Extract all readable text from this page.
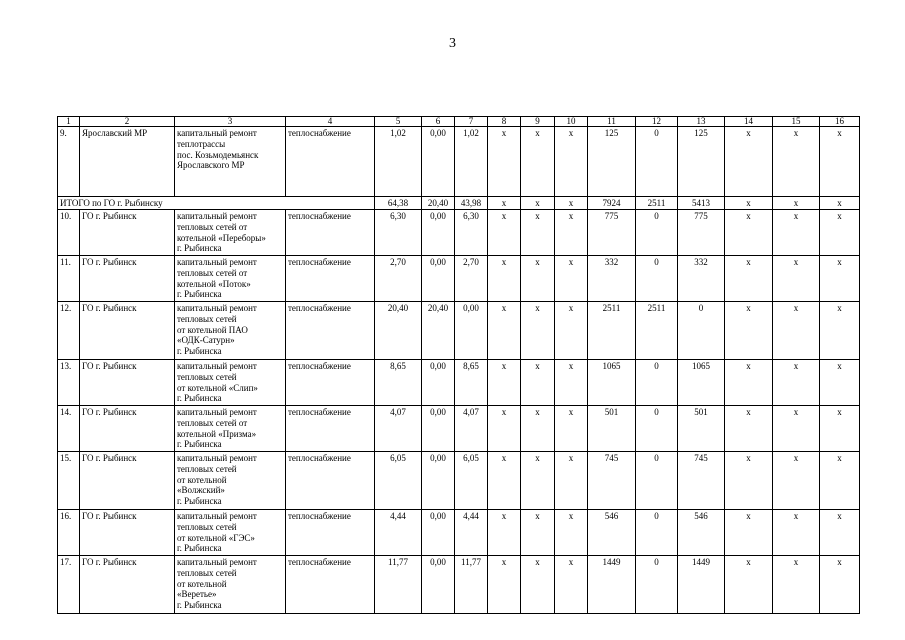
3
1	2	3	4	5	6	7	8	9	10	11	12	13	14	15	16
9.	Ярославский МР	капитальный ремонт
теплотрассы
пос. Козьмодемьянск
Ярославского МР	теплоснабжение	1,02	0,00	1,02	х	х	х	125	0	125	х	х	х
ИТОГО по ГО г. Рыбинску				64,38	20,40	43,98	х	х	х	7924	2511	5413	х	х	х
10.	ГО г. Рыбинск	капитальный ремонт
тепловых сетей от
котельной «Переборы»
г. Рыбинска	теплоснабжение	6,30	0,00	6,30	х	х	х	775	0	775	х	х	х
11.	ГО г. Рыбинск	капитальный ремонт
тепловых сетей от
котельной «Поток»
г. Рыбинска	теплоснабжение	2,70	0,00	2,70	х	х	х	332	0	332	х	х	х
12.	ГО г. Рыбинск	капитальный ремонт
тепловых сетей
от котельной ПАО
«ОДК-Сатурн»
г. Рыбинска	теплоснабжение	20,40	20,40	0,00	х	х	х	2511	2511	0	х	х	х
13.	ГО г. Рыбинск	капитальный ремонт
тепловых сетей
от котельной «Слип»
г. Рыбинска	теплоснабжение	8,65	0,00	8,65	х	х	х	1065	0	1065	х	х	х
14.	ГО г. Рыбинск	капитальный ремонт
тепловых сетей от
котельной «Призма»
г. Рыбинска	теплоснабжение	4,07	0,00	4,07	х	х	х	501	0	501	х	х	х
15.	ГО г. Рыбинск	капитальный ремонт
тепловых сетей
от котельной
«Волжский»
г. Рыбинска	теплоснабжение	6,05	0,00	6,05	х	х	х	745	0	745	х	х	х
16.	ГО г. Рыбинск	капитальный ремонт
тепловых сетей
от котельной «ГЭС»
г. Рыбинска	теплоснабжение	4,44	0,00	4,44	х	х	х	546	0	546	х	х	х
17.	ГО г. Рыбинск	капитальный ремонт
тепловых сетей
от котельной
«Веретье»
г. Рыбинска	теплоснабжение	11,77	0,00	11,77	х	х	х	1449	0	1449	х	х	х
